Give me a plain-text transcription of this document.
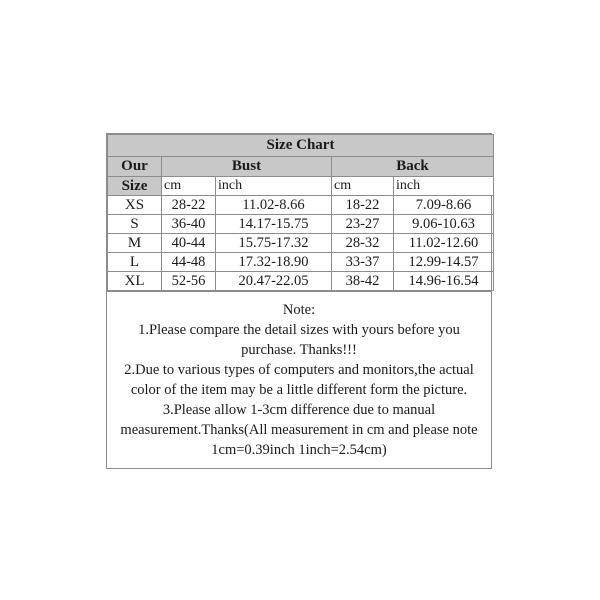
Size Chart				
Our	Bust		Back	
Size	cm	inch	cm	inch
XS	28-22	11.02-8.66	18-22	7.09-8.66
S	36-40	14.17-15.75	23-27	9.06-10.63
M	40-44	15.75-17.32	28-32	11.02-12.60
L	44-48	17.32-18.90	33-37	12.99-14.57
XL	52-56	20.47-22.05	38-42	14.96-16.54
Note:
1.Please compare the detail sizes with yours before you
purchase. Thanks!!!
2.Due to various types of computers and monitors,the actual
color of the item may be a little different form the picture.
3.Please allow 1-3cm difference due to manual
measurement.Thanks(All measurement in cm and please note
1cm=0.39inch 1inch=2.54cm)
